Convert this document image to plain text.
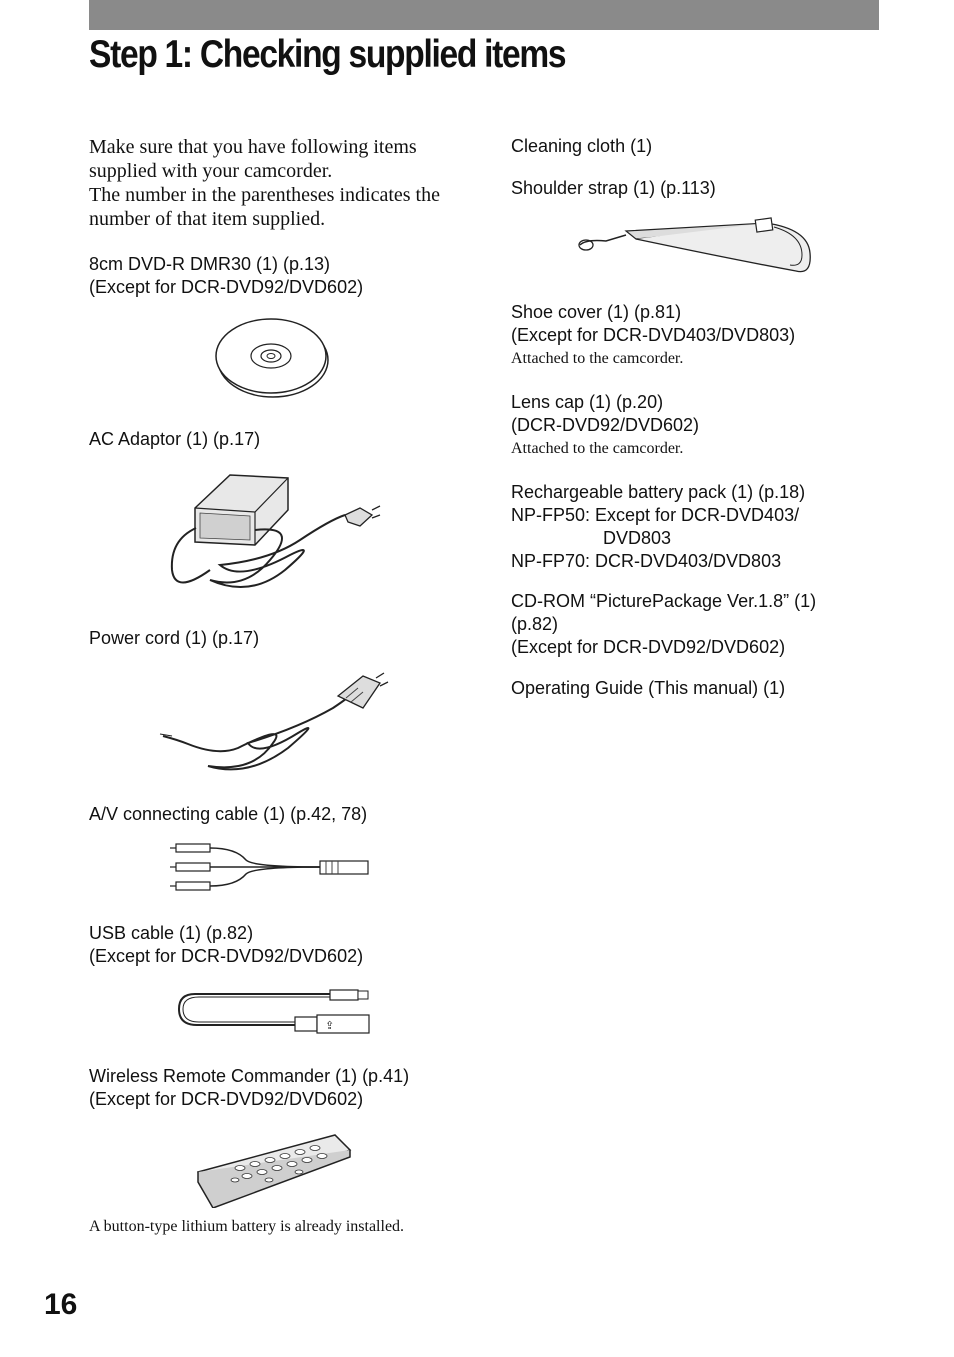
Step 1: Checking supplied items

Make sure that you have following items
supplied with your camcorder.
The number in the parentheses indicates the
number of that item supplied.

8cm DVD-R DMR30 (1) (p.13)
(Except for DCR-DVD92/DVD602)
AC Adaptor (1) (p.17)
Power cord (1) (p.17)
A/V connecting cable (1) (p.42, 78)
USB cable (1) (p.82)
(Except for DCR-DVD92/DVD602)
Wireless Remote Commander (1) (p.41)
(Except for DCR-DVD92/DVD602)

A button-type lithium battery is already installed.

Cleaning cloth (1)
Shoulder strap (1) (p.113)
Shoe cover (1) (p.81)
(Except for DCR-DVD403/DVD803)

Attached to the camcorder.

Lens cap (1) (p.20)
(DCR-DVD92/DVD602)

Attached to the camcorder.

Rechargeable battery pack (1) (p.18)
NP-FP50: Except for DCR-DVD403/
DVD803
NP-FP70: DCR-DVD403/DVD803
CD-ROM “PicturePackage Ver.1.8” (1)
(p.82)
(Except for DCR-DVD92/DVD602)
Operating Guide (This manual) (1)
⇪
16
